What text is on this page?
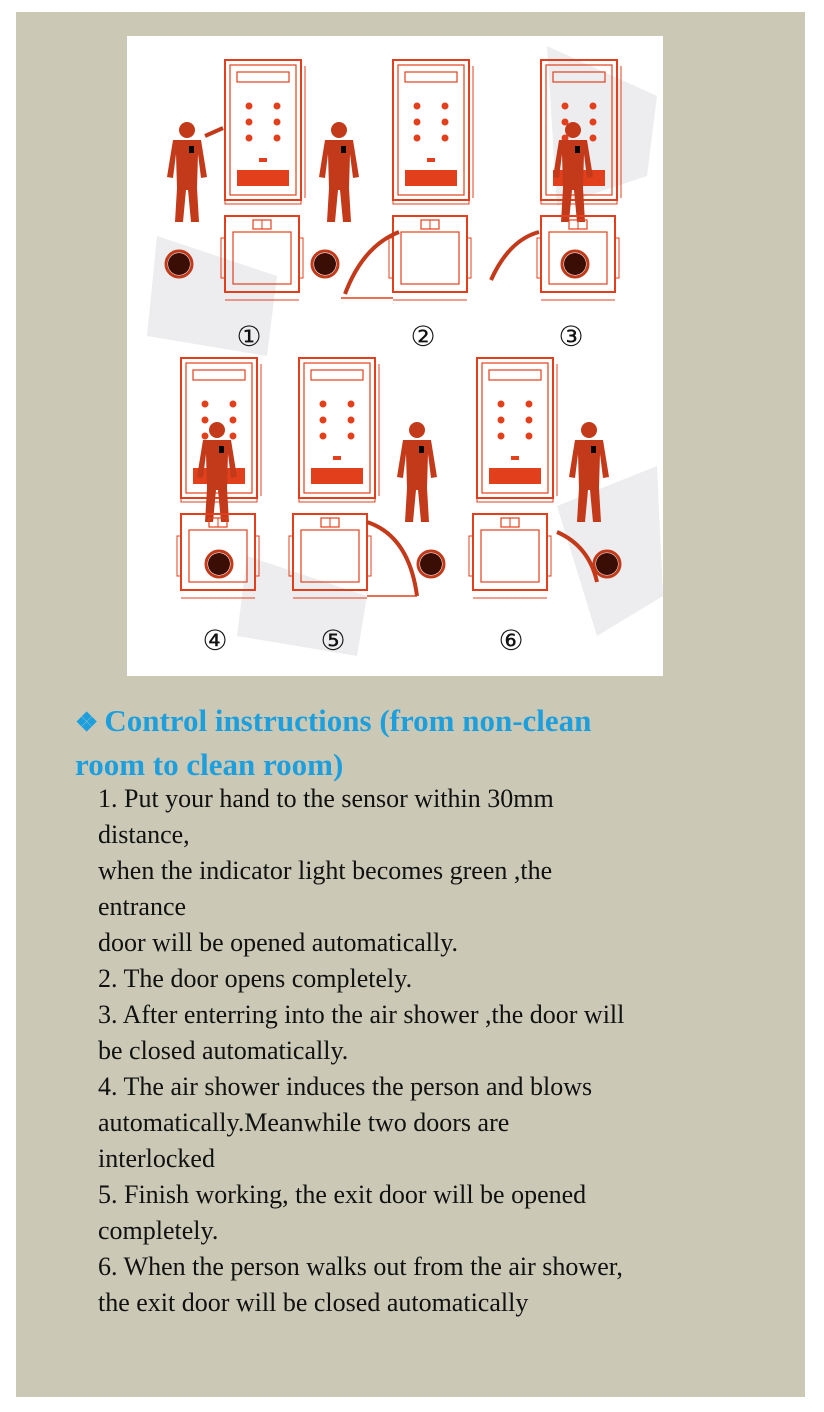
①	②	③
④	⑤	⑥
❖ Control instructions (from non-clean
room to clean room)
1. Put your hand to the sensor within 30mm
distance,
when the indicator light becomes green ,the
entrance
door will be opened automatically.
2. The door opens completely.
3. After enterring into the air shower ,the door will
be closed automatically.
4. The air shower induces the person and blows
automatically.Meanwhile two doors are
interlocked
5. Finish working, the exit door will be opened
completely.
6. When the person walks out from the air shower,
the exit door will be closed automatically
